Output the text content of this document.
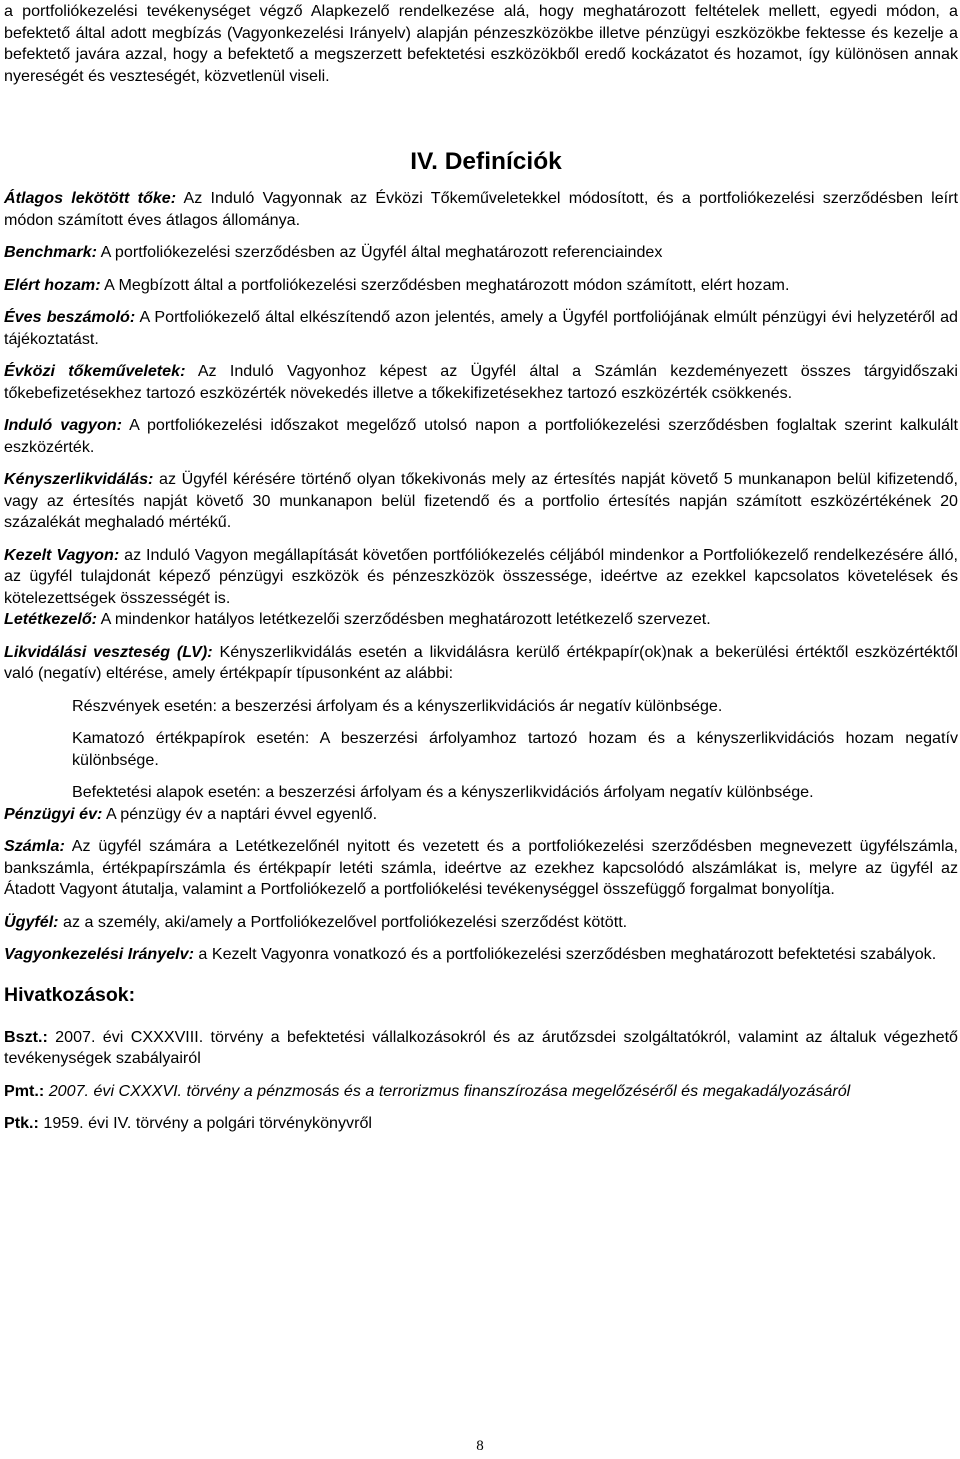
a portfoliókezelési tevékenységet végző Alapkezelő rendelkezése alá, hogy meghatározott feltételek mellett, egyedi módon, a befektető által adott megbízás (Vagyonkezelési Irányelv) alapján pénzeszközökbe illetve pénzügyi eszközökbe fektesse és kezelje a befektető javára azzal, hogy a befektető a megszerzett befektetési eszközökből eredő kockázatot és hozamot, így különösen annak nyereségét és veszteségét, közvetlenül viseli.

IV. Definíciók

Átlagos lekötött tőke: Az Induló Vagyonnak az Évközi Tőkeműveletekkel módosított, és a portfoliókezelési szerződésben leírt módon számított éves átlagos állománya.

Benchmark: A portfoliókezelési szerződésben az Ügyfél által meghatározott referenciaindex

Elért hozam: A Megbízott által a portfoliókezelési szerződésben meghatározott módon számított, elért hozam.

Éves beszámoló: A Portfoliókezelő által elkészítendő azon jelentés, amely a Ügyfél portfoliójának elmúlt pénzügyi évi helyzetéről ad tájékoztatást.

Évközi tőkeműveletek: Az Induló Vagyonhoz képest az Ügyfél által a Számlán kezdeményezett összes tárgyidőszaki tőkebefizetésekhez tartozó eszközérték növekedés illetve a tőkekifizetésekhez tartozó eszközérték csökkenés.

Induló vagyon: A portfoliókezelési időszakot megelőző utolsó napon a portfoliókezelési szerződésben foglaltak szerint kalkulált eszközérték.

Kényszerlikvidálás: az Ügyfél kérésére történő olyan tőkekivonás mely az értesítés napját követő 5 munkanapon belül kifizetendő, vagy az értesítés napját követő 30 munkanapon belül fizetendő és a portfolio értesítés napján számított eszközértékének 20 százalékát meghaladó mértékű.

Kezelt Vagyon: az Induló Vagyon megállapítását követően portfóliókezelés céljából mindenkor a Portfoliókezelő rendelkezésére álló, az ügyfél tulajdonát képező pénzügyi eszközök és pénzeszközök összessége, ideértve az ezekkel kapcsolatos követelések és kötelezettségek összességét is.

Letétkezelő: A mindenkor hatályos letétkezelői szerződésben meghatározott letétkezelő szervezet.

Likvidálási veszteség (LV): Kényszerlikvidálás esetén a likvidálásra kerülő értékpapír(ok)nak a bekerülési értéktől eszközértéktől való (negatív) eltérése, amely értékpapír típusonként az alábbi:

Részvények esetén: a beszerzési árfolyam és a kényszerlikvidációs ár negatív különbsége.

Kamatozó értékpapírok esetén: A beszerzési árfolyamhoz tartozó hozam és a kényszerlikvidációs hozam negatív különbsége.

Befektetési alapok esetén: a beszerzési árfolyam és a kényszerlikvidációs árfolyam negatív különbsége.

Pénzügyi év: A pénzügy év a naptári évvel egyenlő.

Számla: Az ügyfél számára a Letétkezelőnél nyitott és vezetett és a portfoliókezelési szerződésben megnevezett ügyfélszámla, bankszámla, értékpapírszámla és értékpapír letéti számla, ideértve az ezekhez kapcsolódó alszámlákat is, melyre az ügyfél az Átadott Vagyont átutalja, valamint a Portfoliókezelő a portfoliókelési tevékenységgel összefüggő forgalmat bonyolítja.

Ügyfél: az a személy, aki/amely a Portfoliókezelővel portfoliókezelési szerződést kötött.

Vagyonkezelési Irányelv: a Kezelt Vagyonra vonatkozó és a portfoliókezelési szerződésben meghatározott befektetési szabályok.

Hivatkozások:

Bszt.: 2007. évi CXXXVIII. törvény a befektetési vállalkozásokról és az árutőzsdei szolgáltatókról, valamint az általuk végezhető tevékenységek szabályairól

Pmt.: 2007. évi CXXXVI. törvény a pénzmosás és a terrorizmus finanszírozása megelőzéséről és megakadályozásáról

Ptk.: 1959. évi IV. törvény a polgári törvénykönyvről

8
